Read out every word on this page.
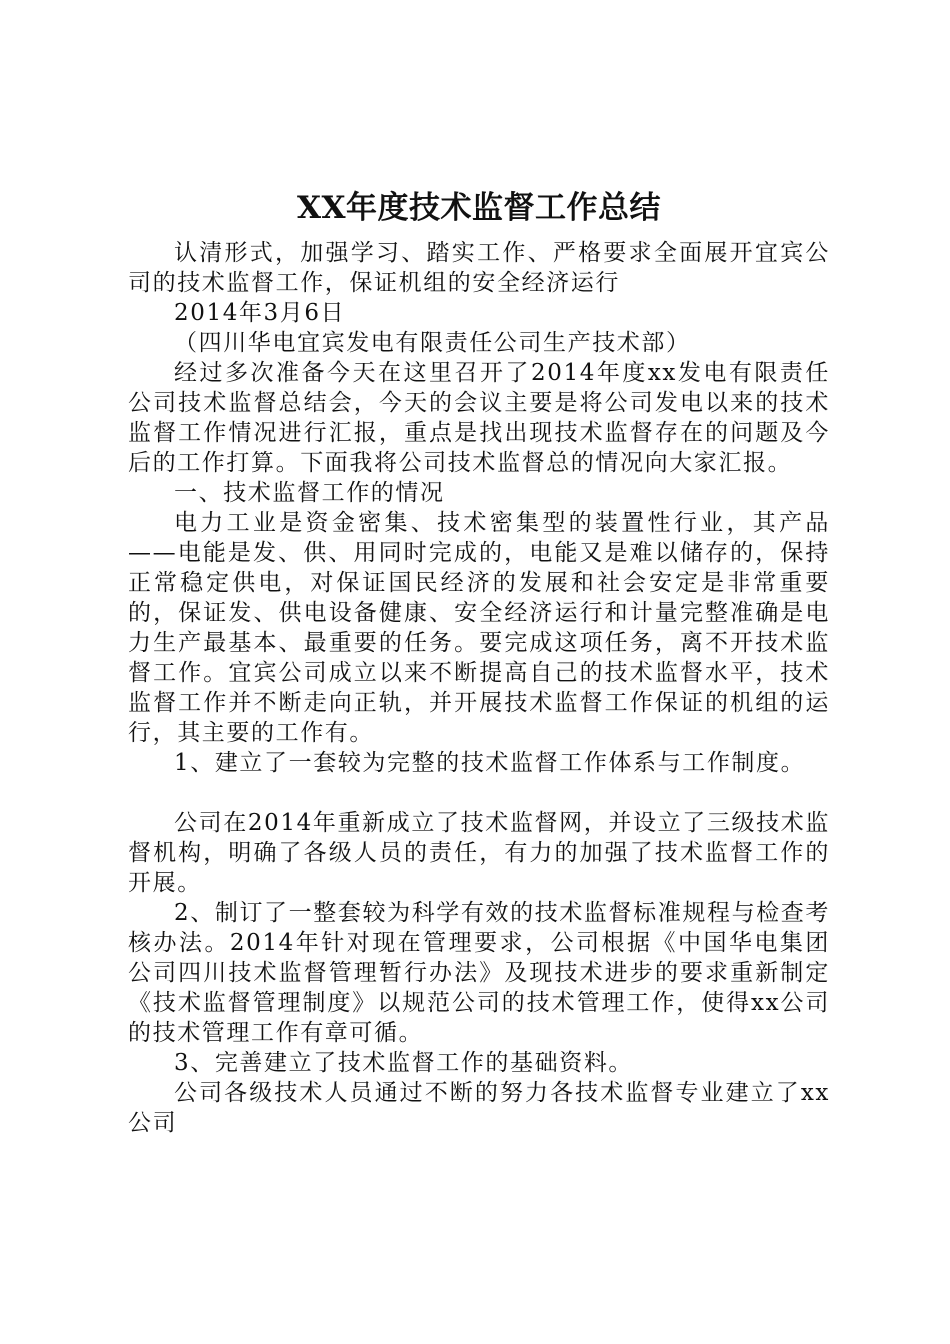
XX年度技术监督工作总结

认清形式，加强学习、踏实工作、严格要求全面展开宜宾公司的技术监督工作，保证机组的安全经济运行

2014年3月6日

（四川华电宜宾发电有限责任公司生产技术部）

经过多次准备今天在这里召开了2014年度xx发电有限责任公司技术监督总结会，今天的会议主要是将公司发电以来的技术监督工作情况进行汇报，重点是找出现技术监督存在的问题及今后的工作打算。下面我将公司技术监督总的情况向大家汇报。

一、技术监督工作的情况

电力工业是资金密集、技术密集型的装置性行业，其产品——电能是发、供、用同时完成的，电能又是难以储存的，保持正常稳定供电，对保证国民经济的发展和社会安定是非常重要的，保证发、供电设备健康、安全经济运行和计量完整准确是电力生产最基本、最重要的任务。要完成这项任务，离不开技术监督工作。宜宾公司成立以来不断提高自己的技术监督水平，技术监督工作并不断走向正轨，并开展技术监督工作保证的机组的运行，其主要的工作有。

1、建立了一套较为完整的技术监督工作体系与工作制度。

公司在2014年重新成立了技术监督网，并设立了三级技术监督机构，明确了各级人员的责任，有力的加强了技术监督工作的开展。

2、制订了一整套较为科学有效的技术监督标准规程与检查考核办法。2014年针对现在管理要求，公司根据《中国华电集团公司四川技术监督管理暂行办法》及现技术进步的要求重新制定《技术监督管理制度》以规范公司的技术管理工作，使得xx公司的技术管理工作有章可循。

3、完善建立了技术监督工作的基础资料。

公司各级技术人员通过不断的努力各技术监督专业建立了xx公司
